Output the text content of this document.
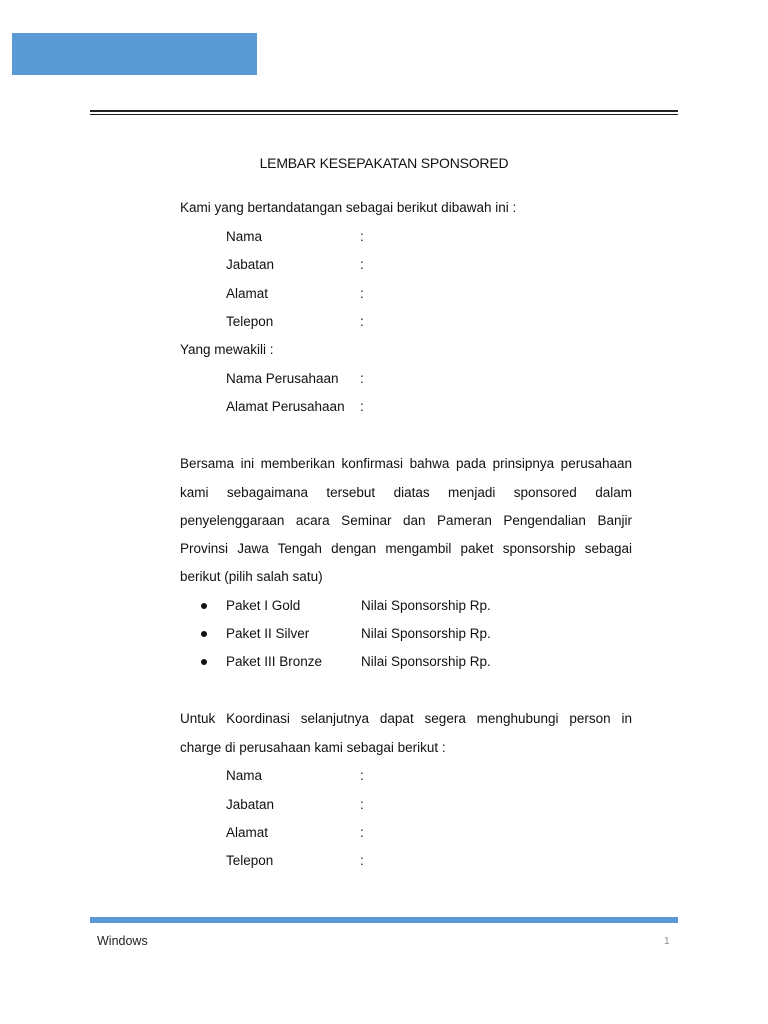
LEMBAR KESEPAKATAN SPONSORED
Kami yang bertandatangan sebagai berikut dibawah ini :
Nama	:
Jabatan	:
Alamat	:
Telepon	:
Yang mewakili :
Nama Perusahaan :
Alamat Perusahaan :
Bersama ini memberikan konfirmasi bahwa pada prinsipnya perusahaan
kami sebagaimana tersebut diatas menjadi sponsored dalam
penyelenggaraan acara Seminar dan Pameran Pengendalian Banjir
Provinsi Jawa Tengah dengan mengambil paket sponsorship sebagai
berikut (pilih salah satu)
Paket I Gold	Nilai Sponsorship Rp.
Paket II Silver	Nilai Sponsorship Rp.
Paket III Bronze	Nilai Sponsorship Rp.
Untuk Koordinasi selanjutnya dapat segera menghubungi person in
charge di perusahaan kami sebagai berikut :
Nama	:
Jabatan	:
Alamat	:
Telepon	:
Windows	1
